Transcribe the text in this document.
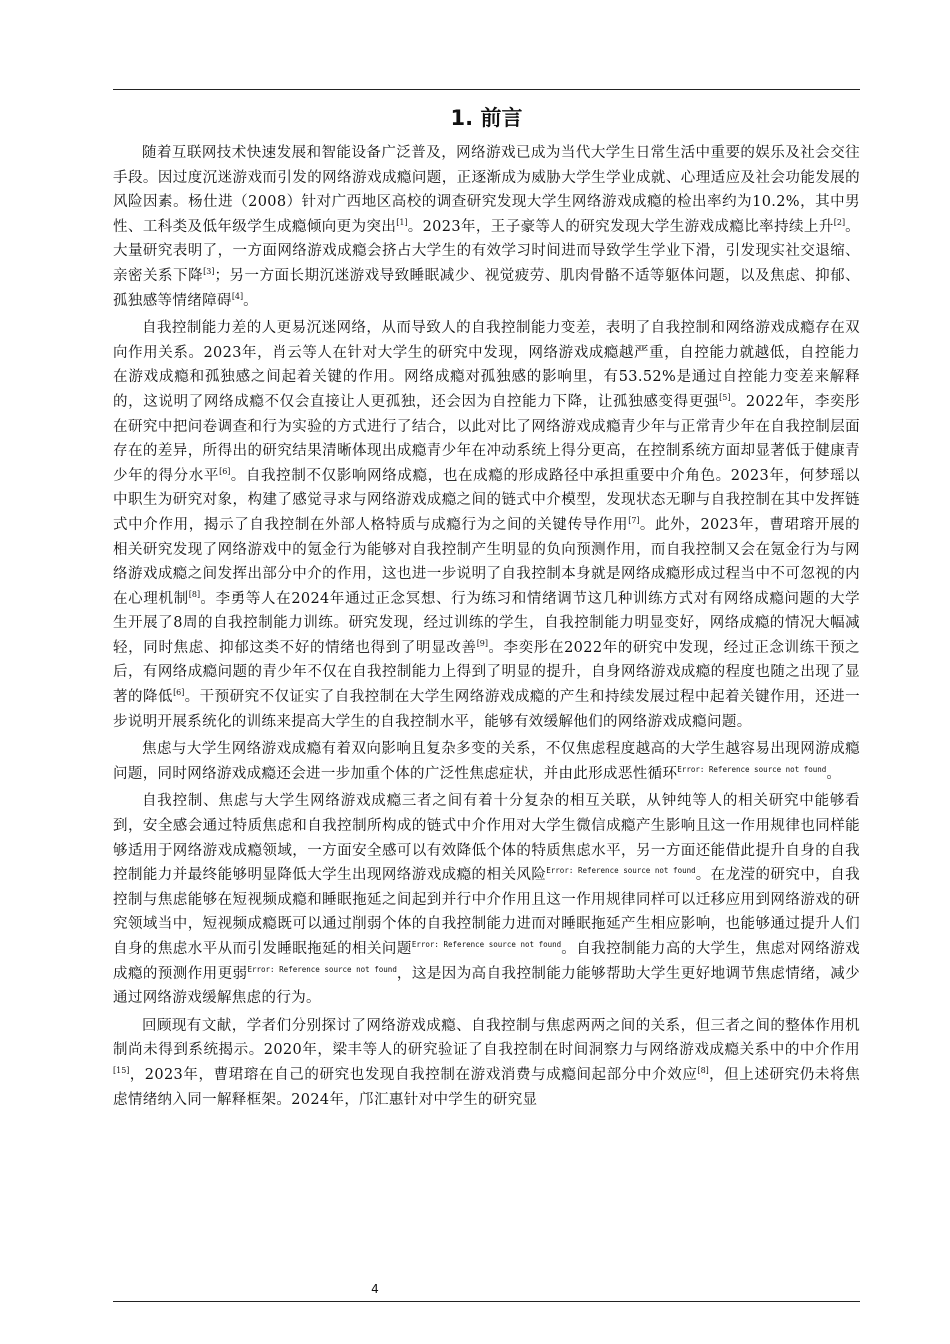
1. 前言

随着互联网技术快速发展和智能设备广泛普及，网络游戏已成为当代大学生日常生活中重要的娱乐及社会交往手段。因过度沉迷游戏而引发的网络游戏成瘾问题，正逐渐成为威胁大学生学业成就、心理适应及社会功能发展的风险因素。杨仕进（2008）针对广西地区高校的调查研究发现大学生网络游戏成瘾的检出率约为10.2%，其中男性、工科类及低年级学生成瘾倾向更为突出[1]。2023年，王子豪等人的研究发现大学生游戏成瘾比率持续上升[2]。大量研究表明了，一方面网络游戏成瘾会挤占大学生的有效学习时间进而导致学生学业下滑，引发现实社交退缩、亲密关系下降[3]；另一方面长期沉迷游戏导致睡眠减少、视觉疲劳、肌肉骨骼不适等躯体问题，以及焦虑、抑郁、孤独感等情绪障碍[4]。

自我控制能力差的人更易沉迷网络，从而导致人的自我控制能力变差，表明了自我控制和网络游戏成瘾存在双向作用关系。2023年，肖云等人在针对大学生的研究中发现，网络游戏成瘾越严重，自控能力就越低，自控能力在游戏成瘾和孤独感之间起着关键的作用。网络成瘾对孤独感的影响里，有53.52%是通过自控能力变差来解释的，这说明了网络成瘾不仅会直接让人更孤独，还会因为自控能力下降，让孤独感变得更强[5]。2022年，李奕彤在研究中把问卷调查和行为实验的方式进行了结合，以此对比了网络游戏成瘾青少年与正常青少年在自我控制层面存在的差异，所得出的研究结果清晰体现出成瘾青少年在冲动系统上得分更高，在控制系统方面却显著低于健康青少年的得分水平[6]。自我控制不仅影响网络成瘾，也在成瘾的形成路径中承担重要中介角色。2023年，何梦瑶以中职生为研究对象，构建了感觉寻求与网络游戏成瘾之间的链式中介模型，发现状态无聊与自我控制在其中发挥链式中介作用，揭示了自我控制在外部人格特质与成瘾行为之间的关键传导作用[7]。此外，2023年，曹珺瑢开展的相关研究发现了网络游戏中的氪金行为能够对自我控制产生明显的负向预测作用，而自我控制又会在氪金行为与网络游戏成瘾之间发挥出部分中介的作用，这也进一步说明了自我控制本身就是网络成瘾形成过程当中不可忽视的内在心理机制[8]。李勇等人在2024年通过正念冥想、行为练习和情绪调节这几种训练方式对有网络成瘾问题的大学生开展了8周的自我控制能力训练。研究发现，经过训练的学生，自我控制能力明显变好，网络成瘾的情况大幅减轻，同时焦虑、抑郁这类不好的情绪也得到了明显改善[9]。李奕彤在2022年的研究中发现，经过正念训练干预之后，有网络成瘾问题的青少年不仅在自我控制能力上得到了明显的提升，自身网络游戏成瘾的程度也随之出现了显著的降低[6]。干预研究不仅证实了自我控制在大学生网络游戏成瘾的产生和持续发展过程中起着关键作用，还进一步说明开展系统化的训练来提高大学生的自我控制水平，能够有效缓解他们的网络游戏成瘾问题。

焦虑与大学生网络游戏成瘾有着双向影响且复杂多变的关系，不仅焦虑程度越高的大学生越容易出现网游成瘾问题，同时网络游戏成瘾还会进一步加重个体的广泛性焦虑症状，并由此形成恶性循环$^{Error: Reference source not found}$。

自我控制、焦虑与大学生网络游戏成瘾三者之间有着十分复杂的相互关联，从钟纯等人的相关研究中能够看到，安全感会通过特质焦虑和自我控制所构成的链式中介作用对大学生微信成瘾产生影响且这一作用规律也同样能够适用于网络游戏成瘾领域，一方面安全感可以有效降低个体的特质焦虑水平，另一方面还能借此提升自身的自我控制能力并最终能够明显降低大学生出现网络游戏成瘾的相关风险$^{Error: Reference source not found}$。在龙滢的研究中，自我控制与焦虑能够在短视频成瘾和睡眠拖延之间起到并行中介作用且这一作用规律同样可以迁移应用到网络游戏的研究领域当中，短视频成瘾既可以通过削弱个体的自我控制能力进而对睡眠拖延产生相应影响，也能够通过提升人们自身的焦虑水平从而引发睡眠拖延的相关问题$^{Error: Reference source not found}$。自我控制能力高的大学生，焦虑对网络游戏成瘾的预测作用更弱$^{Error: Reference source not found}$，这是因为高自我控制能力能够帮助大学生更好地调节焦虑情绪，减少通过网络游戏缓解焦虑的行为。

回顾现有文献，学者们分别探讨了网络游戏成瘾、自我控制与焦虑两两之间的关系，但三者之间的整体作用机制尚未得到系统揭示。2020年，梁丰等人的研究验证了自我控制在时间洞察力与网络游戏成瘾关系中的中介作用[15]，2023年，曹珺瑢在自己的研究也发现自我控制在游戏消费与成瘾间起部分中介效应[8]，但上述研究仍未将焦虑情绪纳入同一解释框架。2024年，邝汇惠针对中学生的研究显

4
